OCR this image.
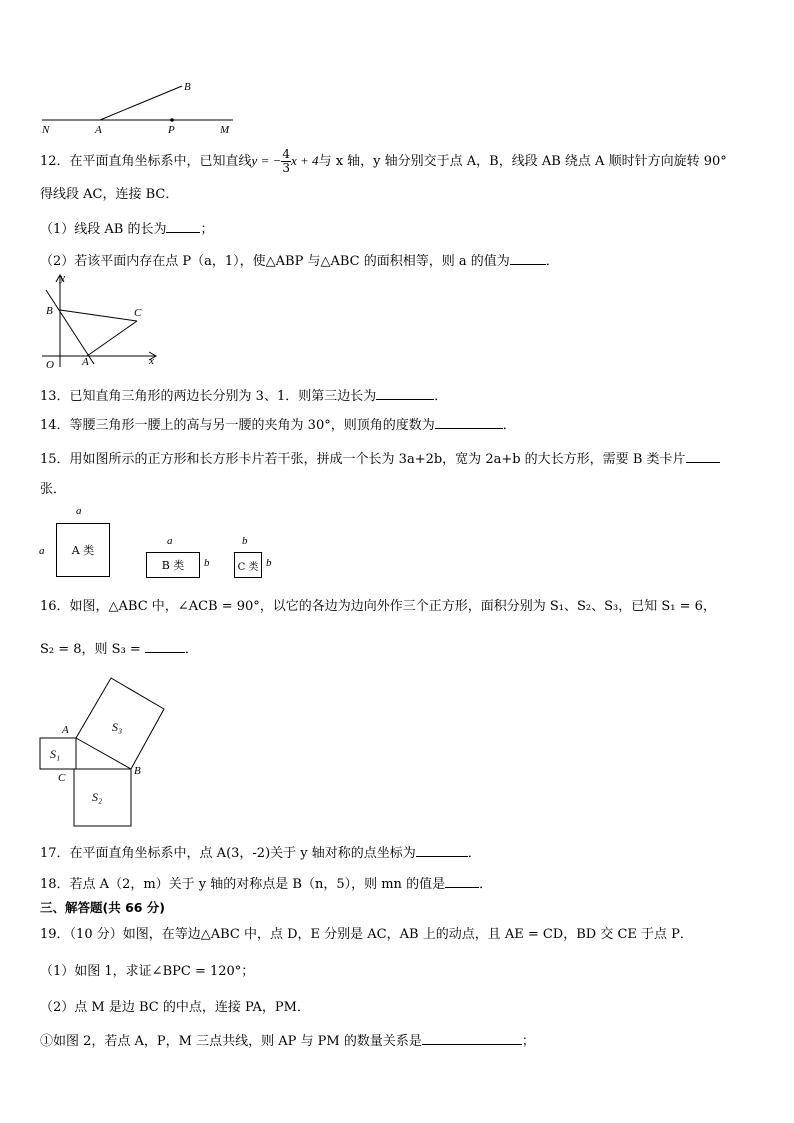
B
N	A	P	M
12．在平面直角坐标系中，已知直线y = − $\frac{4}{3}$ x + 4与 x 轴，y 轴分别交于点 A，B，线段 AB 绕点 A 顺时针方向旋转 90°
得线段 AC，连接 BC．
（1）线段 AB 的长为	；
（2）若该平面内存在点 P（a，1），使△ABP 与△ABC 的面积相等，则 a 的值为	．
y
x
O	A
B	C
13．已知直角三角形的两边长分别为 3、1．则第三边长为	．
14．等腰三角形一腰上的高与另一腰的夹角为 30°，则顶角的度数为	．
15．用如图所示的正方形和长方形卡片若干张，拼成一个长为 3a+2b，宽为 2a+b 的大长方形，需要 B 类卡片
张．
a
a A 类
a
B 类 b
b
C 类 b
16．如图，△ABC 中，∠ACB = 90°，以它的各边为边向外作三个正方形，面积分别为 S₁、S₂、S₃，已知 S₁ = 6，
S₂ = 8，则 S₃ =	．
A
C
B
S₁
S₂
S₃
17．在平面直角坐标系中，点 A(3，-2)关于 y 轴对称的点坐标为	．
18．若点 A（2，m）关于 y 轴的对称点是 B（n，5），则 mn 的值是	．
三、解答题(共 66 分)
19．（10 分）如图，在等边△ABC 中，点 D，E 分别是 AC，AB 上的动点，且 AE = CD，BD 交 CE 于点 P．
（1）如图 1，求证∠BPC = 120°；
（2）点 M 是边 BC 的中点，连接 PA，PM．
①如图 2，若点 A，P，M 三点共线，则 AP 与 PM 的数量关系是	；
